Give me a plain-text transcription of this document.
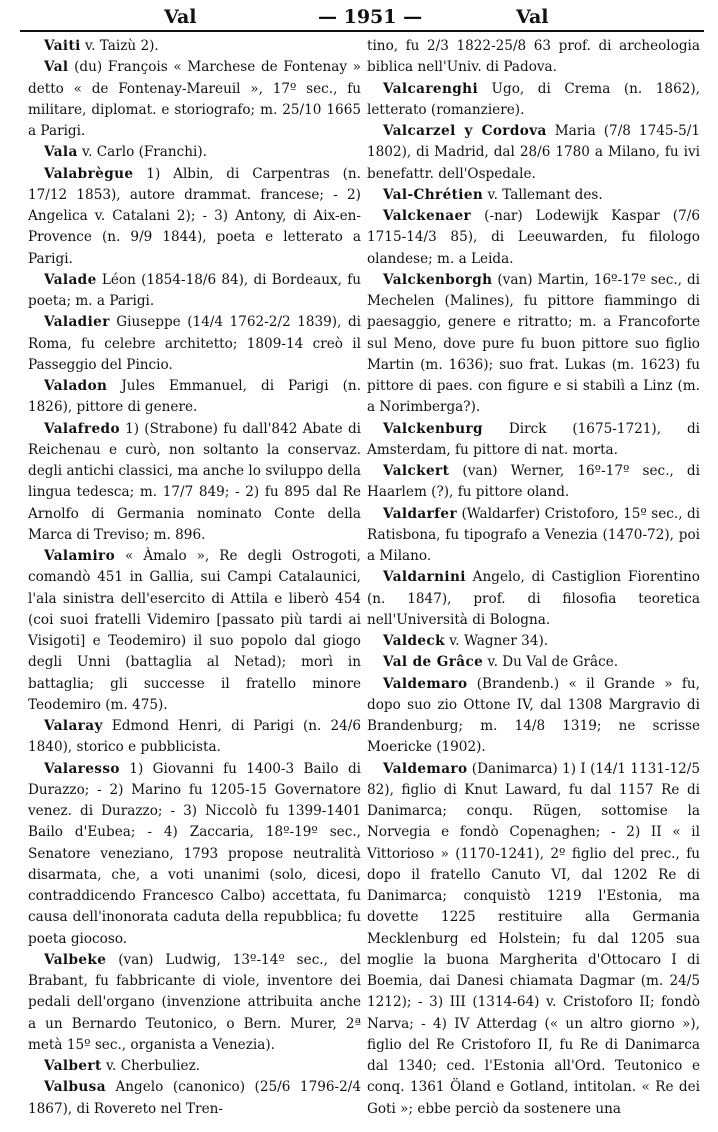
Val	— 1951 —	Val

Vaiti v. Taizù 2).

Val (du) François « Marchese de Fontenay » detto « de Fontenay-Mareuil », 17º sec., fu militare, diplomat. e storiografo; m. 25/10 1665 a Parigi.

Vala v. Carlo (Franchi).

Valabrègue 1) Albin, di Carpentras (n. 17/12 1853), autore drammat. francese; - 2) Angelica v. Catalani 2); - 3) Antony, di Aix-en-Provence (n. 9/9 1844), poeta e letterato a Parigi.

Valade Léon (1854-18/6 84), di Bordeaux, fu poeta; m. a Parigi.

Valadier Giuseppe (14/4 1762-2/2 1839), di Roma, fu celebre architetto; 1809-14 creò il Passeggio del Pincio.

Valadon Jules Emmanuel, di Parigi (n. 1826), pittore di genere.

Valafredo 1) (Strabone) fu dall'842 Abate di Reichenau e curò, non soltanto la conservaz. degli antichi classici, ma anche lo sviluppo della lingua tedesca; m. 17/7 849; - 2) fu 895 dal Re Arnolfo di Germania nominato Conte della Marca di Treviso; m. 896.

Valamiro « Àmalo », Re degli Ostrogoti, comandò 451 in Gallia, sui Campi Catalaunici, l'ala sinistra dell'esercito di Attila e liberò 454 (coi suoi fratelli Videmiro [passato più tardi ai Visigoti] e Teodemiro) il suo popolo dal giogo degli Unni (battaglia al Netad); morì in battaglia; gli successe il fratello minore Teodemiro (m. 475).

Valaray Edmond Henri, di Parigi (n. 24/6 1840), storico e pubblicista.

Valaresso 1) Giovanni fu 1400-3 Bailo di Durazzo; - 2) Marino fu 1205-15 Governatore venez. di Durazzo; - 3) Niccolò fu 1399-1401 Bailo d'Eubea; - 4) Zaccaria, 18º-19º sec., Senatore veneziano, 1793 propose neutralità disarmata, che, a voti unanimi (solo, dicesi, contraddicendo Francesco Calbo) accettata, fu causa dell'inonorata caduta della repubblica; fu poeta giocoso.

Valbeke (van) Ludwig, 13º-14º sec., del Brabant, fu fabbricante di viole, inventore dei pedali dell'organo (invenzione attribuita anche a un Bernardo Teutonico, o Bern. Murer, 2ª metà 15º sec., organista a Venezia).

Valbert v. Cherbuliez.

Valbusa Angelo (canonico) (25/6 1796-2/4 1867), di Rovereto nel Tren-

tino, fu 2/3 1822-25/8 63 prof. di archeologia biblica nell'Univ. di Padova.

Valcarenghi Ugo, di Crema (n. 1862), letterato (romanziere).

Valcarzel y Cordova Maria (7/8 1745-5/1 1802), di Madrid, dal 28/6 1780 a Milano, fu ivi benefattr. dell'Ospedale.

Val-Chrétien v. Tallemant des.

Valckenaer (-nar) Lodewijk Kaspar (7/6 1715-14/3 85), di Leeuwarden, fu filologo olandese; m. a Leida.

Valckenborgh (van) Martin, 16º-17º sec., di Mechelen (Malines), fu pittore fiammingo di paesaggio, genere e ritratto; m. a Francoforte sul Meno, dove pure fu buon pittore suo figlio Martin (m. 1636); suo frat. Lukas (m. 1623) fu pittore di paes. con figure e si stabilì a Linz (m. a Norimberga?).

Valckenburg Dirck (1675-1721), di Amsterdam, fu pittore di nat. morta.

Valckert (van) Werner, 16º-17º sec., di Haarlem (?), fu pittore oland.

Valdarfer (Waldarfer) Cristoforo, 15º sec., di Ratisbona, fu tipografo a Venezia (1470-72), poi a Milano.

Valdarnini Angelo, di Castiglion Fiorentino (n. 1847), prof. di filosofia teoretica nell'Università di Bologna.

Valdeck v. Wagner 34).

Val de Grâce v. Du Val de Grâce.

Valdemaro (Brandenb.) « il Grande » fu, dopo suo zio Ottone IV, dal 1308 Margravio di Brandenburg; m. 14/8 1319; ne scrisse Moericke (1902).

Valdemaro (Danimarca) 1) I (14/1 1131-12/5 82), figlio di Knut Laward, fu dal 1157 Re di Danimarca; conqu. Rügen, sottomise la Norvegia e fondò Copenaghen; - 2) II « il Vittorioso » (1170-1241), 2º figlio del prec., fu dopo il fratello Canuto VI, dal 1202 Re di Danimarca; conquistò 1219 l'Estonia, ma dovette 1225 restituire alla Germania Mecklenburg ed Holstein; fu dal 1205 sua moglie la buona Margherita d'Ottocaro I di Boemia, dai Danesi chiamata Dagmar (m. 24/5 1212); - 3) III (1314-64) v. Cristoforo II; fondò Narva; - 4) IV Atterdag (« un altro giorno »), figlio del Re Cristoforo II, fu Re di Danimarca dal 1340; ced. l'Estonia all'Ord. Teutonico e conq. 1361 Öland e Gotland, intitolan. « Re dei Goti »; ebbe perciò da sostenere una
